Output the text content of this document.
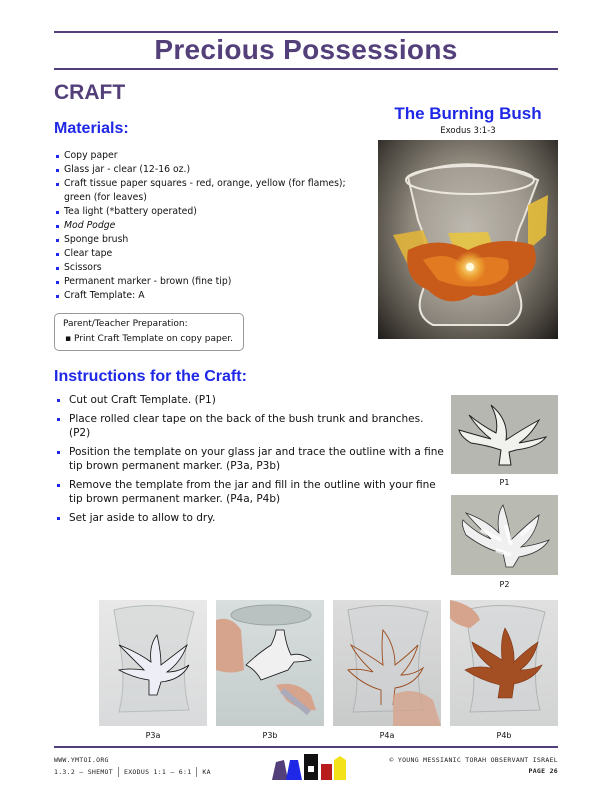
Precious Possessions
CRAFT
Materials:
Copy paper
Glass jar - clear (12-16 oz.)
Craft tissue paper squares - red, orange, yellow (for flames);
green (for leaves)
Tea light (*battery operated)
Mod Podge
Sponge brush
Clear tape
Scissors
Permanent marker - brown (fine tip)
Craft Template: A
Parent/Teacher Preparation:
▪ Print Craft Template on copy paper.
The Burning Bush
Exodus 3:1-3
Instructions for the Craft:
Cut out Craft Template. (P1)
Place rolled clear tape on the back of the bush trunk and branches. (P2)
Position the template on your glass jar and trace the outline with a fine tip brown permanent marker. (P3a, P3b)
Remove the template from the jar and fill in the outline with your fine tip brown permanent marker. (P4a, P4b)
Set jar aside to allow to dry.
P1
P2
P3a	P3b	P4a	P4b
WWW.YMTOI.ORG
1.3.2 – SHEMOT EXODUS 1:1 – 6:1 KA
© YOUNG MESSIANIC TORAH OBSERVANT ISRAEL
PAGE 26
